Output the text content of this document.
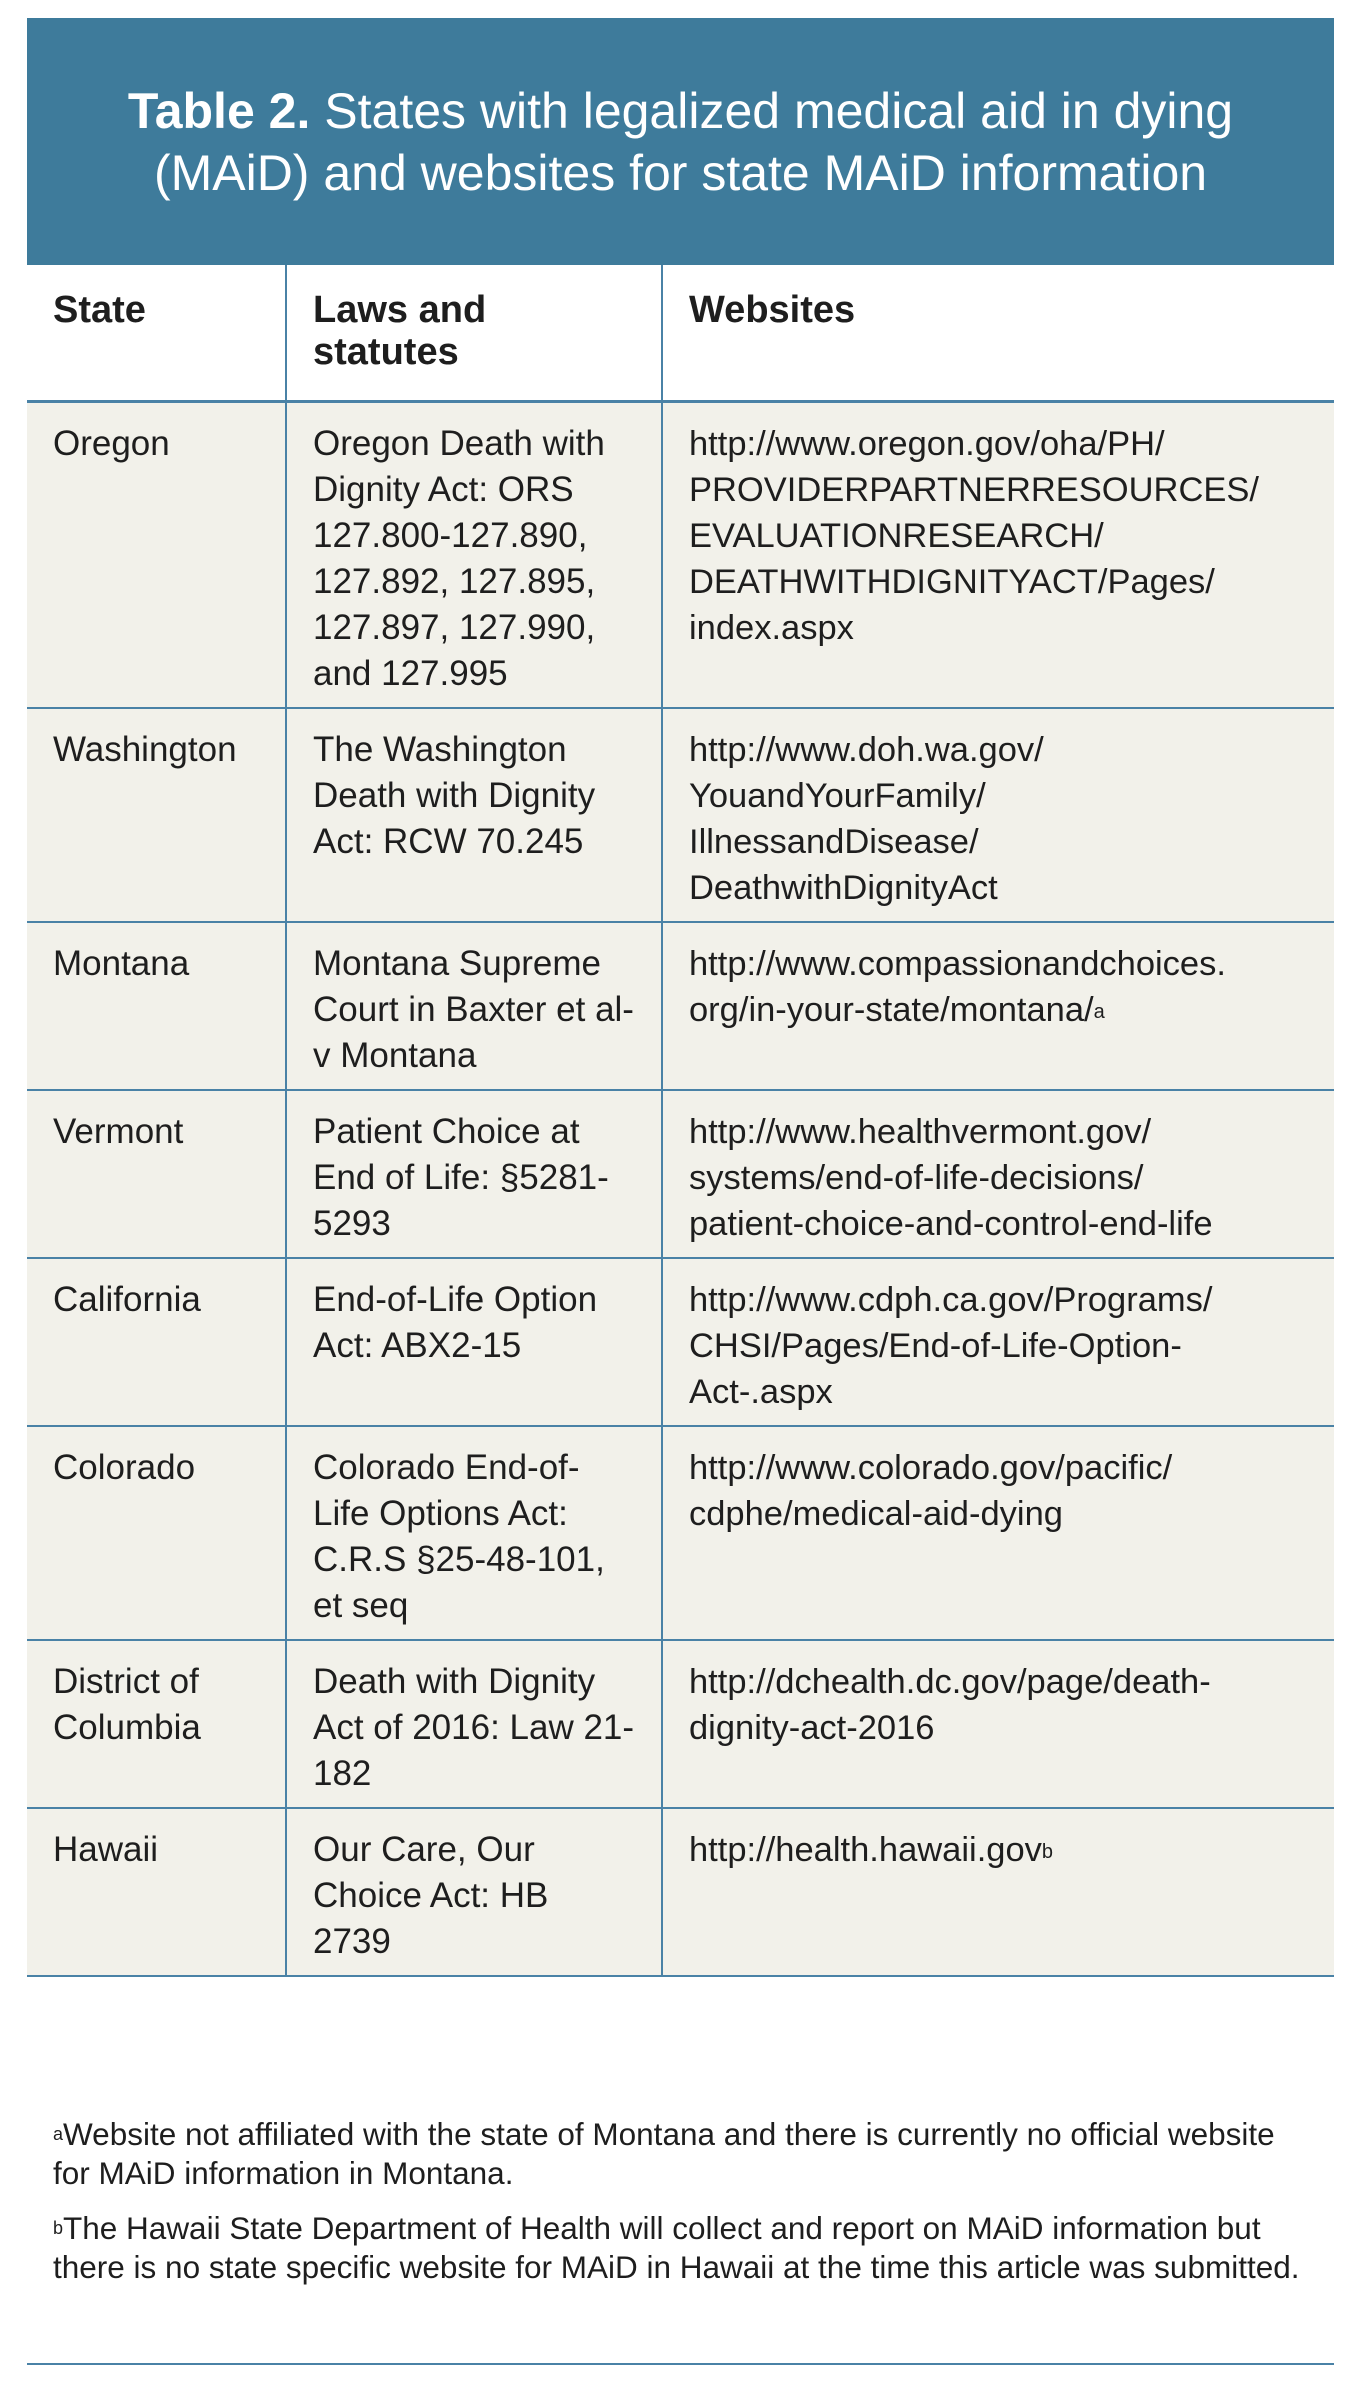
Table 2. States with legalized medical aid in dying (MAiD) and websites for state MAiD information
State	Laws and statutes	Websites
Oregon	Oregon Death with Dignity Act: ORS 127.800-127.890, 127.892, 127.895, 127.897, 127.990, and 127.995	http://www.oregon.gov/oha/PH/
PROVIDERPARTNERRESOURCES/
EVALUATIONRESEARCH/
DEATHWITHDIGNITYACT/Pages/
index.aspx
Washington	The Washington Death with Dignity Act: RCW 70.245	http://www.doh.wa.gov/
YouandYourFamily/
IllnessandDisease/
DeathwithDignityAct
Montana	Montana Supreme Court in Baxter et al-v Montana	http://www.compassionandchoices.
org/in-your-state/montana/$^a$
Vermont	Patient Choice at End of Life: §5281-5293	http://www.healthvermont.gov/
systems/end-of-life-decisions/
patient-choice-and-control-end-life
California	End-of-Life Option Act: ABX2-15	http://www.cdph.ca.gov/Programs/
CHSI/Pages/End-of-Life-Option-
Act-.aspx
Colorado	Colorado End-of-Life Options Act: C.R.S §25-48-101, et seq	http://www.colorado.gov/pacific/
cdphe/medical-aid-dying
District of Columbia	Death with Dignity Act of 2016: Law 21-182	http://dchealth.dc.gov/page/death-
dignity-act-2016
Hawaii	Our Care, Our Choice Act: HB 2739	http://health.hawaii.gov$^b$

$^a$Website not affiliated with the state of Montana and there is currently no official website for MAiD information in Montana.

$^b$The Hawaii State Department of Health will collect and report on MAiD information but there is no state specific website for MAiD in Hawaii at the time this article was submitted.
